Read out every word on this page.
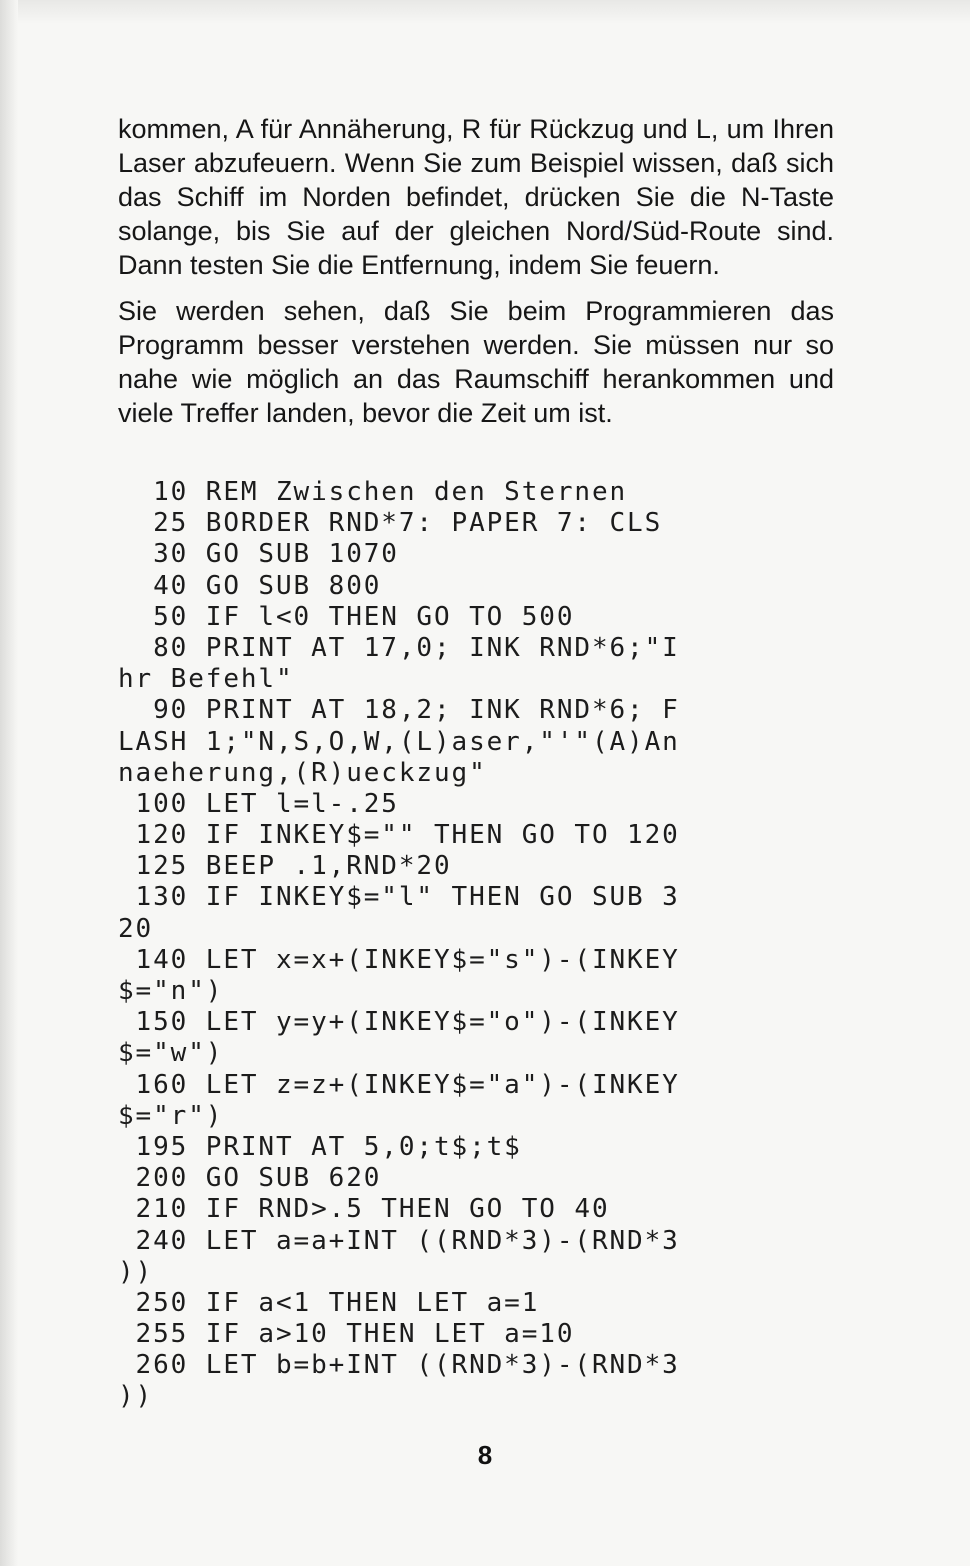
kommen, A für Annäherung, R für Rückzug und L, um Ihren Laser abzufeuern. Wenn Sie zum Beispiel wissen, daß sich das Schiff im Norden befindet, drücken Sie die N-Taste solange, bis Sie auf der gleichen Nord/Süd-Route sind. Dann testen Sie die Entfernung, indem Sie feuern.

Sie werden sehen, daß Sie beim Programmieren das Programm besser verstehen werden. Sie müssen nur so nahe wie möglich an das Raumschiff herankommen und viele Treffer landen, bevor die Zeit um ist.

10 REM Zwischen den Sternen
25 BORDER RND*7: PAPER 7: CLS
30 GO SUB 1070
40 GO SUB 800
50 IF l<0 THEN GO TO 500
80 PRINT AT 17,0; INK RND*6;"I
hr Befehl"
90 PRINT AT 18,2; INK RND*6; F
LASH 1;"N,S,O,W,(L)aser,"'"(A)An
naeherung,(R)ueckzug"
100 LET l=l-.25
120 IF INKEY$="" THEN GO TO 120
125 BEEP .1,RND*20
130 IF INKEY$="l" THEN GO SUB 3
20
140 LET x=x+(INKEY$="s")-(INKEY
$="n")
150 LET y=y+(INKEY$="o")-(INKEY
$="w")
160 LET z=z+(INKEY$="a")-(INKEY
$="r")
195 PRINT AT 5,0;t$;t$
200 GO SUB 620
210 IF RND>.5 THEN GO TO 40
240 LET a=a+INT ((RND*3)-(RND*3
))
250 IF a<1 THEN LET a=1
255 IF a>10 THEN LET a=10
260 LET b=b+INT ((RND*3)-(RND*3
))
8
